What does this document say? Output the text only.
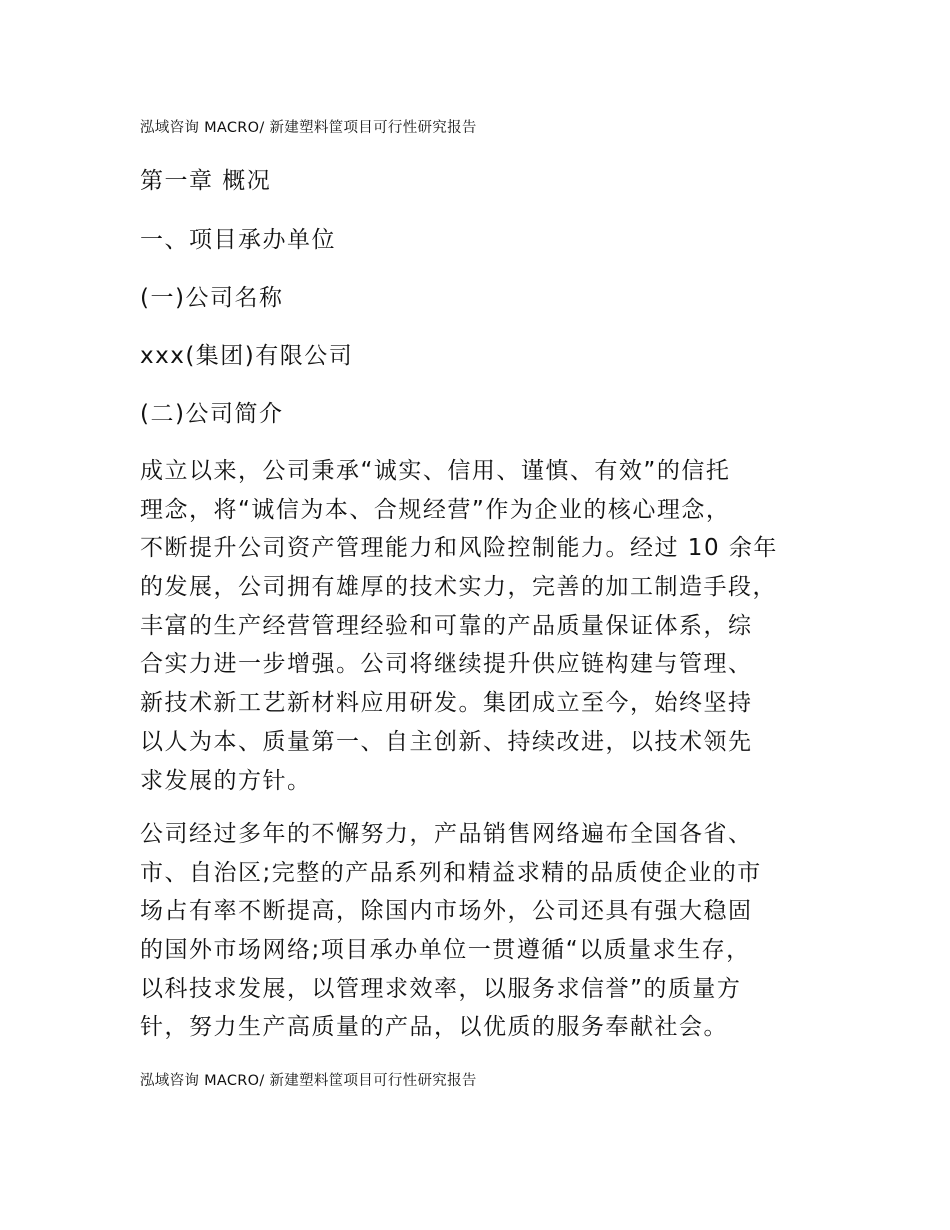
泓域咨询 MACRO/ 新建塑料筐项目可行性研究报告
第一章 概况
一、项目承办单位
(一)公司名称
xxx(集团)有限公司
(二)公司简介
成立以来，公司秉承“诚实、信用、谨慎、有效”的信托
理念，将“诚信为本、合规经营”作为企业的核心理念，
不断提升公司资产管理能力和风险控制能力。经过 10 余年
的发展，公司拥有雄厚的技术实力，完善的加工制造手段，
丰富的生产经营管理经验和可靠的产品质量保证体系，综
合实力进一步增强。公司将继续提升供应链构建与管理、
新技术新工艺新材料应用研发。集团成立至今，始终坚持
以人为本、质量第一、自主创新、持续改进，以技术领先
求发展的方针。
公司经过多年的不懈努力，产品销售网络遍布全国各省、
市、自治区;完整的产品系列和精益求精的品质使企业的市
场占有率不断提高，除国内市场外，公司还具有强大稳固
的国外市场网络;项目承办单位一贯遵循“以质量求生存，
以科技求发展，以管理求效率，以服务求信誉”的质量方
针，努力生产高质量的产品，以优质的服务奉献社会。
泓域咨询 MACRO/ 新建塑料筐项目可行性研究报告
